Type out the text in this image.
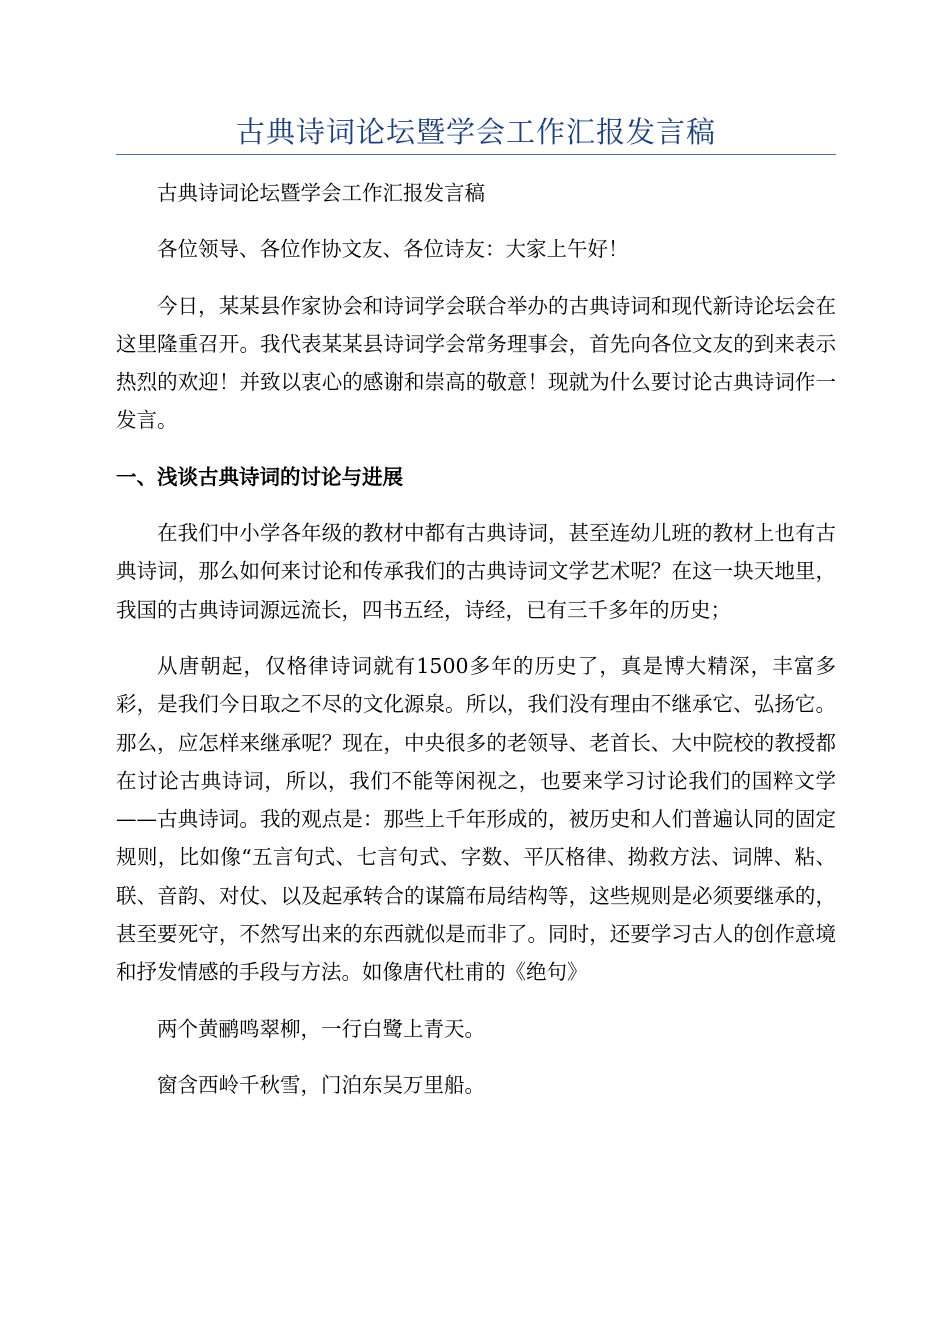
古典诗词论坛暨学会工作汇报发言稿

古典诗词论坛暨学会工作汇报发言稿

各位领导、各位作协文友、各位诗友：大家上午好！

今日，某某县作家协会和诗词学会联合举办的古典诗词和现代新诗论坛会在这里隆重召开。我代表某某县诗词学会常务理事会，首先向各位文友的到来表示热烈的欢迎！并致以衷心的感谢和崇高的敬意！现就为什么要讨论古典诗词作一发言。

一、浅谈古典诗词的讨论与进展

在我们中小学各年级的教材中都有古典诗词，甚至连幼儿班的教材上也有古典诗词，那么如何来讨论和传承我们的古典诗词文学艺术呢？在这一块天地里，我国的古典诗词源远流长，四书五经，诗经，已有三千多年的历史；

从唐朝起，仅格律诗词就有1500多年的历史了，真是博大精深，丰富多彩，是我们今日取之不尽的文化源泉。所以，我们没有理由不继承它、弘扬它。那么，应怎样来继承呢？现在，中央很多的老领导、老首长、大中院校的教授都在讨论古典诗词，所以，我们不能等闲视之，也要来学习讨论我们的国粹文学——古典诗词。我的观点是：那些上千年形成的，被历史和人们普遍认同的固定规则，比如像“五言句式、七言句式、字数、平仄格律、拗救方法、词牌、粘、联、音韵、对仗、以及起承转合的谋篇布局结构等，这些规则是必须要继承的，甚至要死守，不然写出来的东西就似是而非了。同时，还要学习古人的创作意境和抒发情感的手段与方法。如像唐代杜甫的《绝句》

两个黄鹂鸣翠柳，一行白鹭上青天。

窗含西岭千秋雪，门泊东吴万里船。
